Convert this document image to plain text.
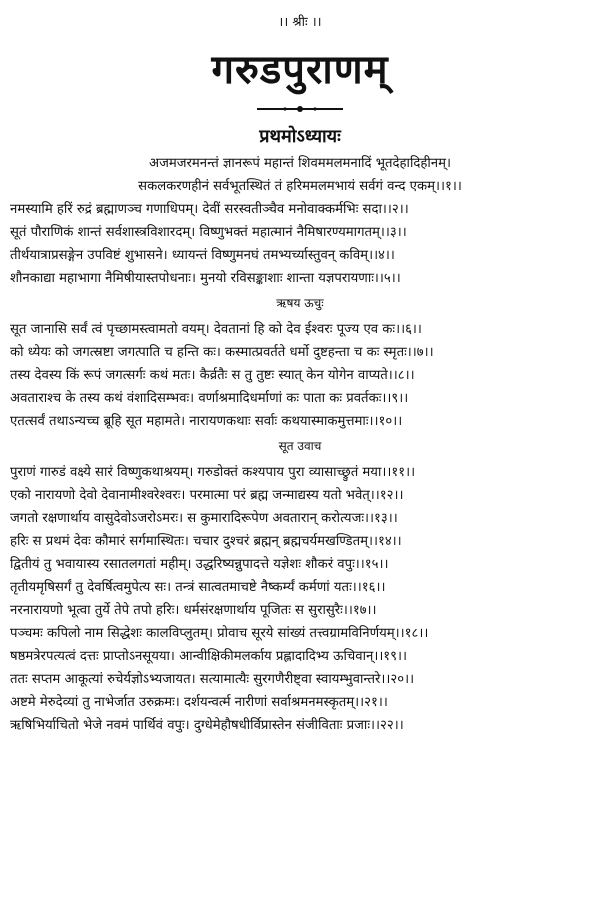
।। श्रीः ।।
गरुडपुराणम्
प्रथमोऽध्यायः
अजमजरमनन्तं ज्ञानरूपं महान्तं शिवममलमनादिं भूतदेहादिहीनम्।
सकलकरणहीनं सर्वभूतस्थितं तं हरिममलमभायं सर्वगं वन्द एकम्।।१।।
नमस्यामि हरिं रुद्रं ब्रह्माणञ्च गणाधिपम्। देवीं सरस्वतीञ्चैव मनोवाक्कर्मभिः सदा।।२।।
सूतं पौराणिकं शान्तं सर्वशास्त्रविशारदम्। विष्णुभक्तं महात्मानं नैमिषारण्यमागतम्।।३।।
तीर्थयात्राप्रसङ्गेन उपविष्टं शुभासने। ध्यायन्तं विष्णुमनघं तमभ्यर्च्यास्तुवन् कविम्।।४।।
शौनकाद्या महाभागा नैमिषीयास्तपोधनाः। मुनयो रविसङ्काशाः शान्ता यज्ञपरायणाः।।५।।
ऋषय ऊचुः
सूत जानासि सर्वं त्वं पृच्छामस्त्वामतो वयम्। देवतानां हि को देव ईश्वरः पूज्य एव कः।।६।।
को ध्येयः को जगत्स्रष्टा जगत्पाति च हन्ति कः। कस्मात्प्रवर्तते धर्मो दुष्टहन्ता च कः स्मृतः।।७।।
तस्य देवस्य किं रूपं जगत्सर्गः कथं मतः। कैर्व्रतैः स तु तुष्टः स्यात् केन योगेन वाप्यते।।८।।
अवताराश्च के तस्य कथं वंशादिसम्भवः। वर्णाश्रमादिधर्माणां कः पाता कः प्रवर्तकः।।९।।
एतत्सर्वं तथाऽन्यच्च ब्रूहि सूत महामते। नारायणकथाः सर्वाः कथयास्माकमुत्तमाः।।१०।।
सूत उवाच
पुराणं गारुडं वक्ष्ये सारं विष्णुकथाश्रयम्। गरुडोक्तं कश्यपाय पुरा व्यासाच्छ्रुतं मया।।११।।
एको नारायणो देवो देवानामीश्वरेश्वरः। परमात्मा परं ब्रह्म जन्माद्यस्य यतो भवेत्।।१२।।
जगतो रक्षणार्थाय वासुदेवोऽजरोऽमरः। स कुमारादिरूपेण अवतारान् करोत्यजः।।१३।।
हरिः स प्रथमं देवः कौमारं सर्गमास्थितः। चचार दुश्चरं ब्रह्मन् ब्रह्मचर्यमखण्डितम्।।१४।।
द्वितीयं तु भवायास्य रसातलगतां महीम्। उद्धरिष्यन्नुपादत्ते यज्ञेशः शौकरं वपुः।।१५।।
तृतीयमृषिसर्गं तु देवर्षित्वमुपेत्य सः। तन्त्रं सात्वतमाचष्टे नैष्कर्म्यं कर्मणां यतः।।१६।।
नरनारायणो भूत्वा तुर्ये तेपे तपो हरिः। धर्मसंरक्षणार्थाय पूजितः स सुरासुरैः।।१७।।
पञ्चमः कपिलो नाम सिद्धेशः कालविप्लुतम्। प्रोवाच सूरये सांख्यं तत्त्वग्रामविनिर्णयम्।।१८।।
षष्ठमत्रेरपत्यत्वं दत्तः प्राप्तोऽनसूयया। आन्वीक्षिकीमलर्काय प्रह्लादादिभ्य ऊचिवान्।।१९।।
ततः सप्तम आकूत्यां रुचेर्यज्ञोऽभ्यजायत। सत्यामात्यैः सुरगणैरीष्ट्वा स्वायम्भुवान्तरे।।२०।।
अष्टमे मेरुदेव्यां तु नाभेर्जात उरुक्रमः। दर्शयन्वर्त्म नारीणां सर्वाश्रमनमस्कृतम्।।२१।।
ऋषिभिर्याचितो भेजे नवमं पार्थिवं वपुः। दुग्धेमेहौषधीर्विप्रास्तेन संजीविताः प्रजाः।।२२।।
